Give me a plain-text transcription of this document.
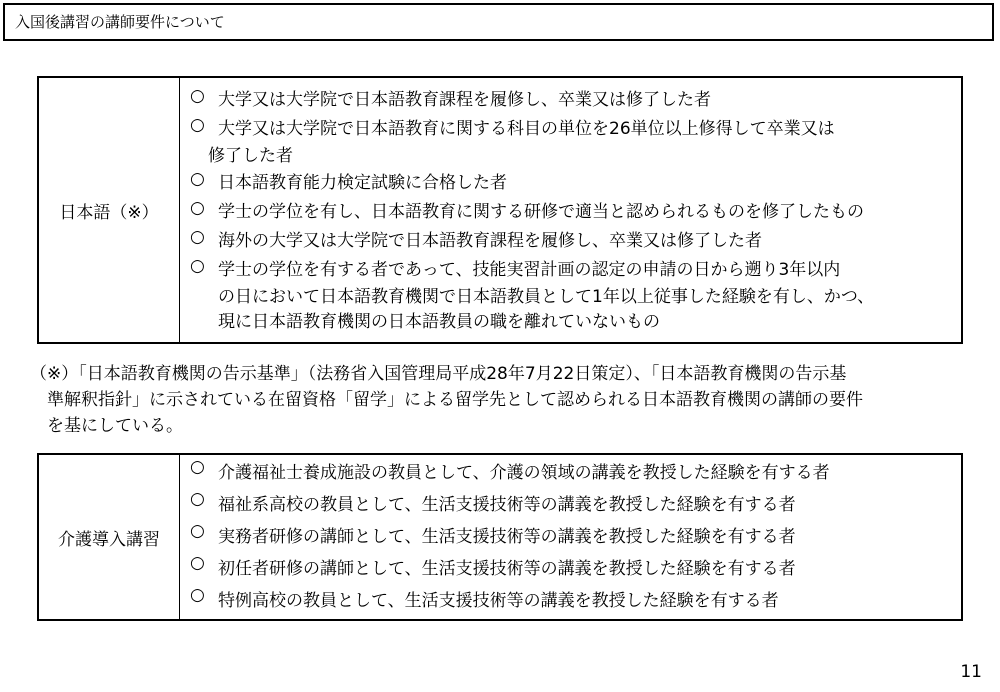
入国後講習の講師要件について
日本語（※）	
○ 大学又は大学院で日本語教育課程を履修し、卒業又は修了した者
○ 大学又は大学院で日本語教育に関する科目の単位を26単位以上修得して卒業又は
修了した者
○ 日本語教育能力検定試験に合格した者
○ 学士の学位を有し、日本語教育に関する研修で適当と認められるものを修了したもの
○ 海外の大学又は大学院で日本語教育課程を履修し、卒業又は修了した者
○ 学士の学位を有する者であって、技能実習計画の認定の申請の日から遡り3年以内
の日において日本語教育機関で日本語教員として1年以上従事した経験を有し、かつ、
現に日本語教育機関の日本語教員の職を離れていないもの
（※）「日本語教育機関の告示基準」（法務省入国管理局平成28年7月22日策定）、「日本語教育機関の告示基
準解釈指針」に示されている在留資格「留学」による留学先として認められる日本語教育機関の講師の要件
を基にしている。
介護導入講習	
○ 介護福祉士養成施設の教員として、介護の領域の講義を教授した経験を有する者
○ 福祉系高校の教員として、生活支援技術等の講義を教授した経験を有する者
○ 実務者研修の講師として、生活支援技術等の講義を教授した経験を有する者
○ 初任者研修の講師として、生活支援技術等の講義を教授した経験を有する者
○ 特例高校の教員として、生活支援技術等の講義を教授した経験を有する者
11
